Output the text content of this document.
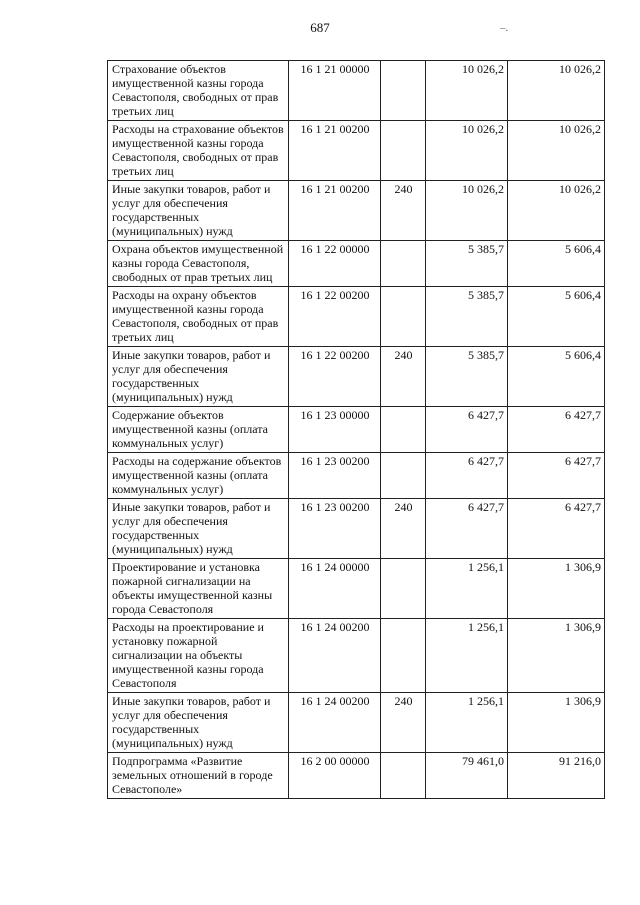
687	–.
Страхование объектов имущественной казны города Севастополя, свободных от прав третьих лиц	16 1 21 00000		10 026,2	10 026,2
Расходы на страхование объектов имущественной казны города Севастополя, свободных от прав третьих лиц	16 1 21 00200		10 026,2	10 026,2
Иные закупки товаров, работ и услуг для обеспечения государственных (муниципальных) нужд	16 1 21 00200	240	10 026,2	10 026,2
Охрана объектов имущественной казны города Севастополя, свободных от прав третьих лиц	16 1 22 00000		5 385,7	5 606,4
Расходы на охрану объектов имущественной казны города Севастополя, свободных от прав третьих лиц	16 1 22 00200		5 385,7	5 606,4
Иные закупки товаров, работ и услуг для обеспечения государственных (муниципальных) нужд	16 1 22 00200	240	5 385,7	5 606,4
Содержание объектов имущественной казны (оплата коммунальных услуг)	16 1 23 00000		6 427,7	6 427,7
Расходы на содержание объектов имущественной казны (оплата коммунальных услуг)	16 1 23 00200		6 427,7	6 427,7
Иные закупки товаров, работ и услуг для обеспечения государственных (муниципальных) нужд	16 1 23 00200	240	6 427,7	6 427,7
Проектирование и установка пожарной сигнализации на объекты имущественной казны города Севастополя	16 1 24 00000		1 256,1	1 306,9
Расходы на проектирование и установку пожарной сигнализации на объекты имущественной казны города Севастополя	16 1 24 00200		1 256,1	1 306,9
Иные закупки товаров, работ и услуг для обеспечения государственных (муниципальных) нужд	16 1 24 00200	240	1 256,1	1 306,9
Подпрограмма «Развитие земельных отношений в городе Севастополе»	16 2 00 00000		79 461,0	91 216,0
